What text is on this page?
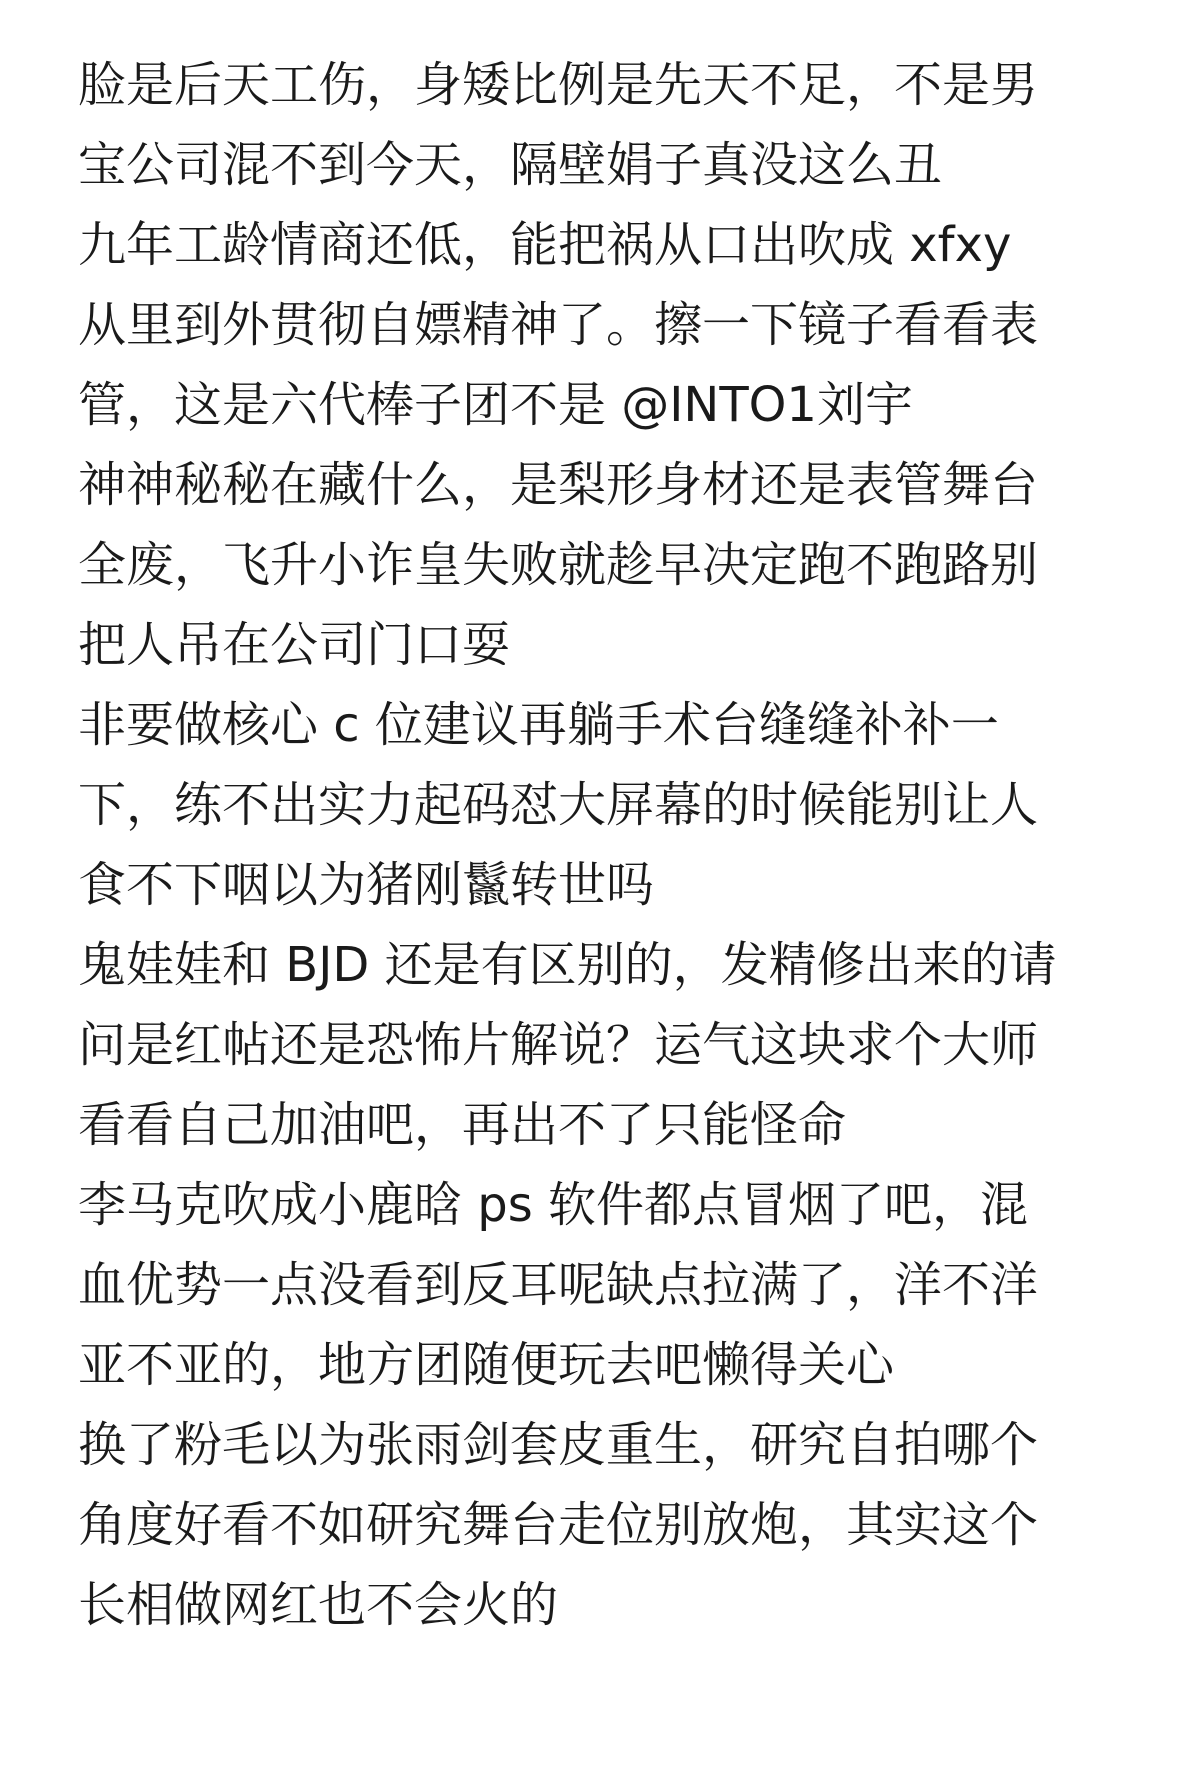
脸是后天工伤，身矮比例是先天不足，不是男
宝公司混不到今天，隔壁娟子真没这么丑

九年工龄情商还低，能把祸从口出吹成 xfxy
从里到外贯彻自嫖精神了。擦一下镜子看看表
管，这是六代棒子团不是 @INTO1刘宇

神神秘秘在藏什么，是梨形身材还是表管舞台
全废，飞升小诈皇失败就趁早决定跑不跑路别
把人吊在公司门口耍

非要做核心 c 位建议再躺手术台缝缝补补一
下，练不出实力起码怼大屏幕的时候能别让人
食不下咽以为猪刚鬣转世吗

鬼娃娃和 BJD 还是有区别的，发精修出来的请
问是红帖还是恐怖片解说？运气这块求个大师
看看自己加油吧，再出不了只能怪命

李马克吹成小鹿晗 ps 软件都点冒烟了吧，混
血优势一点没看到反耳呢缺点拉满了，洋不洋
亚不亚的，地方团随便玩去吧懒得关心

换了粉毛以为张雨剑套皮重生，研究自拍哪个
角度好看不如研究舞台走位别放炮，其实这个
长相做网红也不会火的
